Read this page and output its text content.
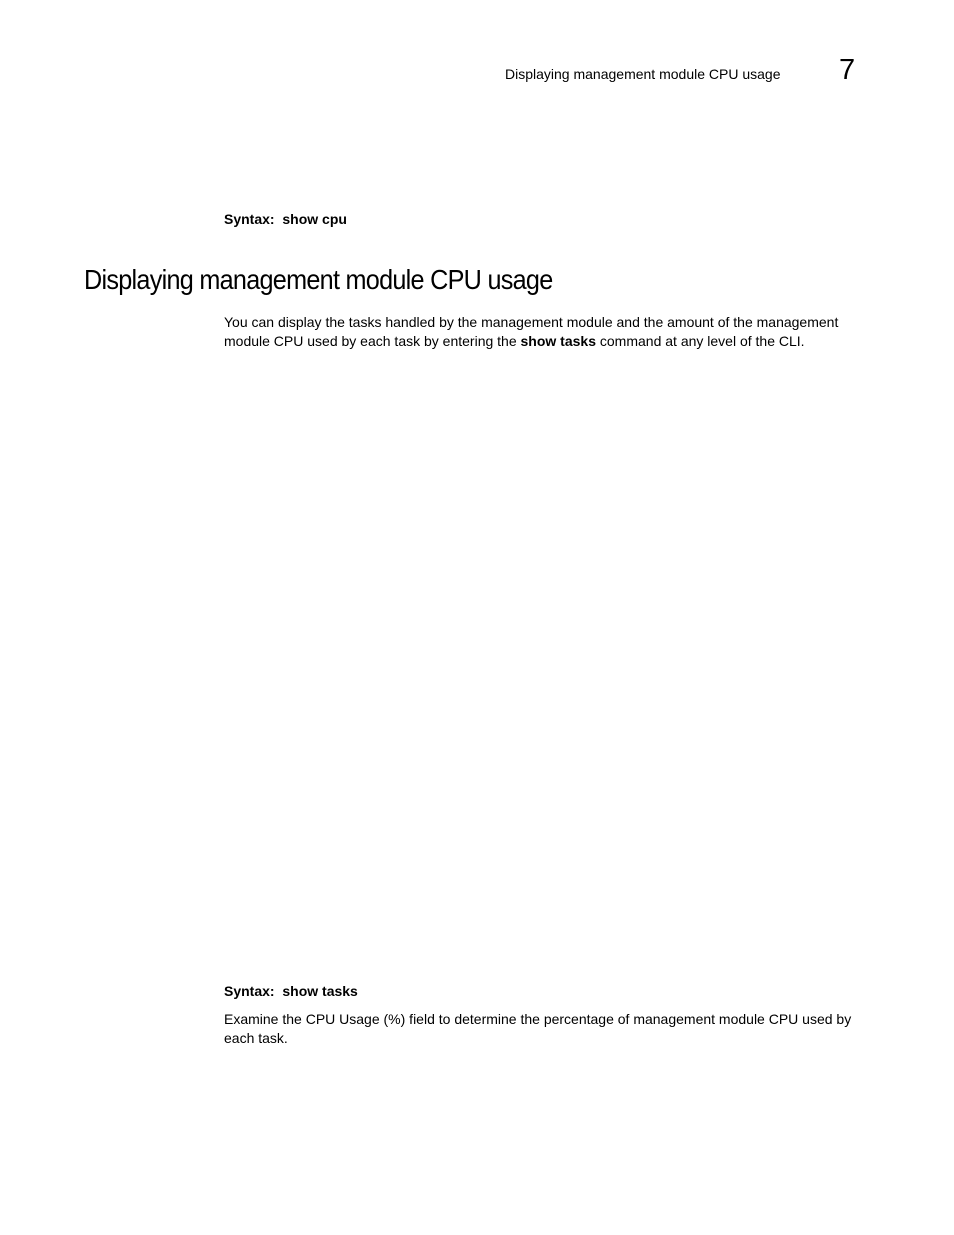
Displaying management module CPU usage 7
Syntax: show cpu
Displaying management module CPU usage

You can display the tasks handled by the management module and the amount of the management module CPU used by each task by entering the show tasks command at any level of the CLI.

Syntax: show tasks

Examine the CPU Usage (%) field to determine the percentage of management module CPU used by each task.
